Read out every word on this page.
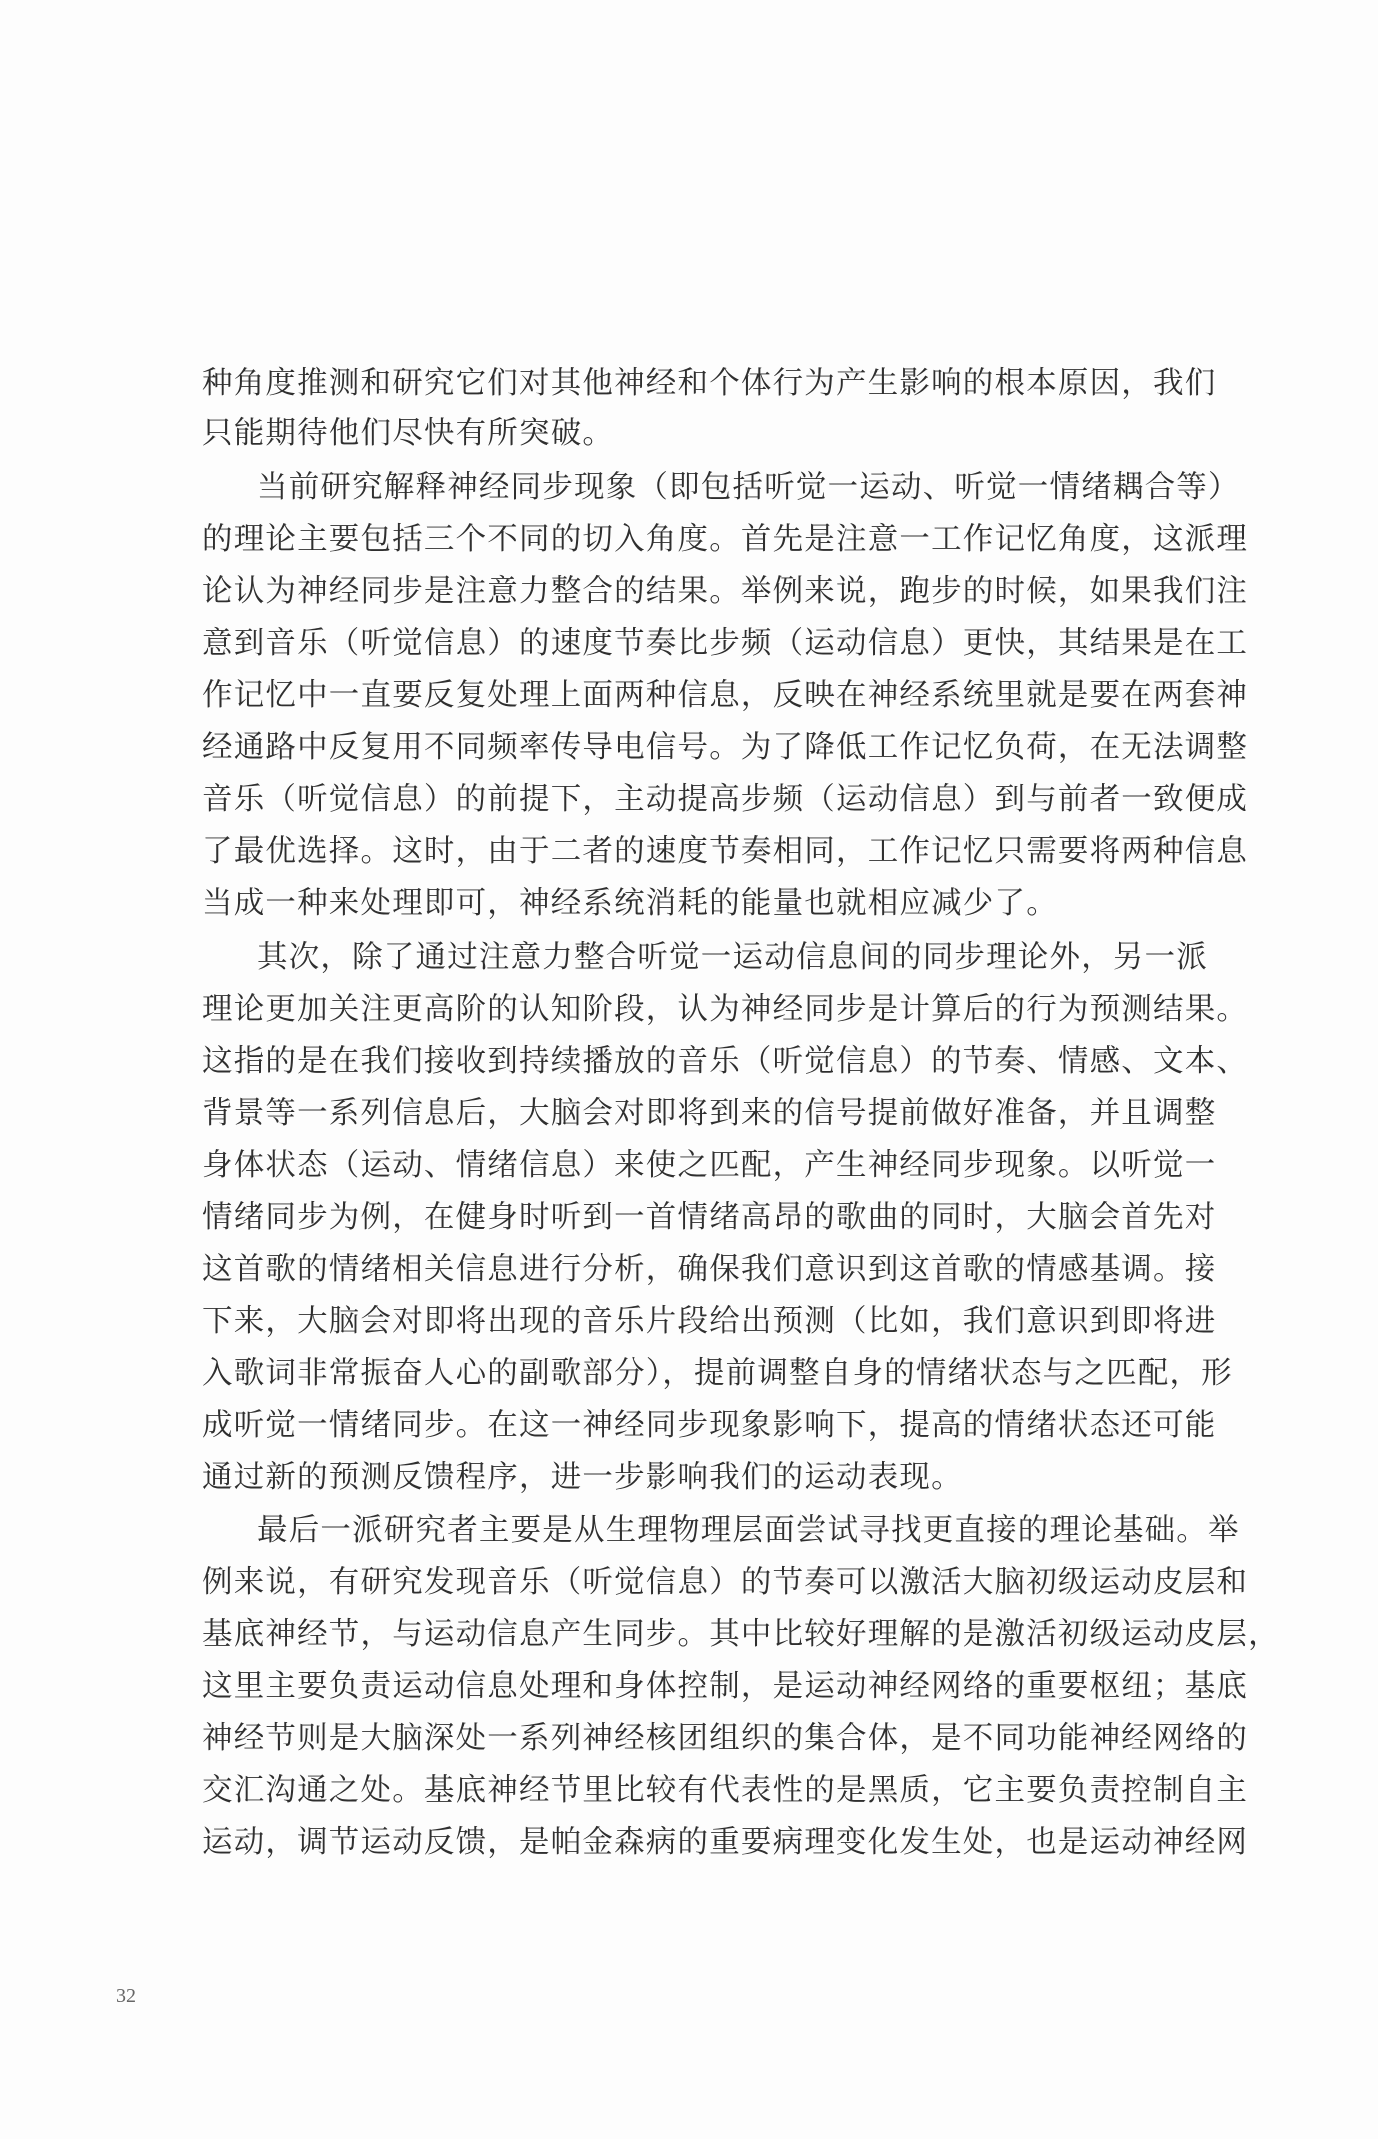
种角度推测和研究它们对其他神经和个体行为产生影响的根本原因，我们
只能期待他们尽快有所突破。
当前研究解释神经同步现象（即包括听觉一运动、听觉一情绪耦合等）
的理论主要包括三个不同的切入角度。首先是注意一工作记忆角度，这派理
论认为神经同步是注意力整合的结果。举例来说，跑步的时候，如果我们注
意到音乐（听觉信息）的速度节奏比步频（运动信息）更快，其结果是在工
作记忆中一直要反复处理上面两种信息，反映在神经系统里就是要在两套神
经通路中反复用不同频率传导电信号。为了降低工作记忆负荷，在无法调整
音乐（听觉信息）的前提下，主动提高步频（运动信息）到与前者一致便成
了最优选择。这时，由于二者的速度节奏相同，工作记忆只需要将两种信息
当成一种来处理即可，神经系统消耗的能量也就相应减少了。
其次，除了通过注意力整合听觉一运动信息间的同步理论外，另一派
理论更加关注更高阶的认知阶段，认为神经同步是计算后的行为预测结果。
这指的是在我们接收到持续播放的音乐（听觉信息）的节奏、情感、文本、
背景等一系列信息后，大脑会对即将到来的信号提前做好准备，并且调整
身体状态（运动、情绪信息）来使之匹配，产生神经同步现象。以听觉一
情绪同步为例，在健身时听到一首情绪高昂的歌曲的同时，大脑会首先对
这首歌的情绪相关信息进行分析，确保我们意识到这首歌的情感基调。接
下来，大脑会对即将出现的音乐片段给出预测（比如，我们意识到即将进
入歌词非常振奋人心的副歌部分），提前调整自身的情绪状态与之匹配，形
成听觉一情绪同步。在这一神经同步现象影响下，提高的情绪状态还可能
通过新的预测反馈程序，进一步影响我们的运动表现。
最后一派研究者主要是从生理物理层面尝试寻找更直接的理论基础。举
例来说，有研究发现音乐（听觉信息）的节奏可以激活大脑初级运动皮层和
基底神经节，与运动信息产生同步。其中比较好理解的是激活初级运动皮层，
这里主要负责运动信息处理和身体控制，是运动神经网络的重要枢纽；基底
神经节则是大脑深处一系列神经核团组织的集合体，是不同功能神经网络的
交汇沟通之处。基底神经节里比较有代表性的是黑质，它主要负责控制自主
运动，调节运动反馈，是帕金森病的重要病理变化发生处，也是运动神经网
32
